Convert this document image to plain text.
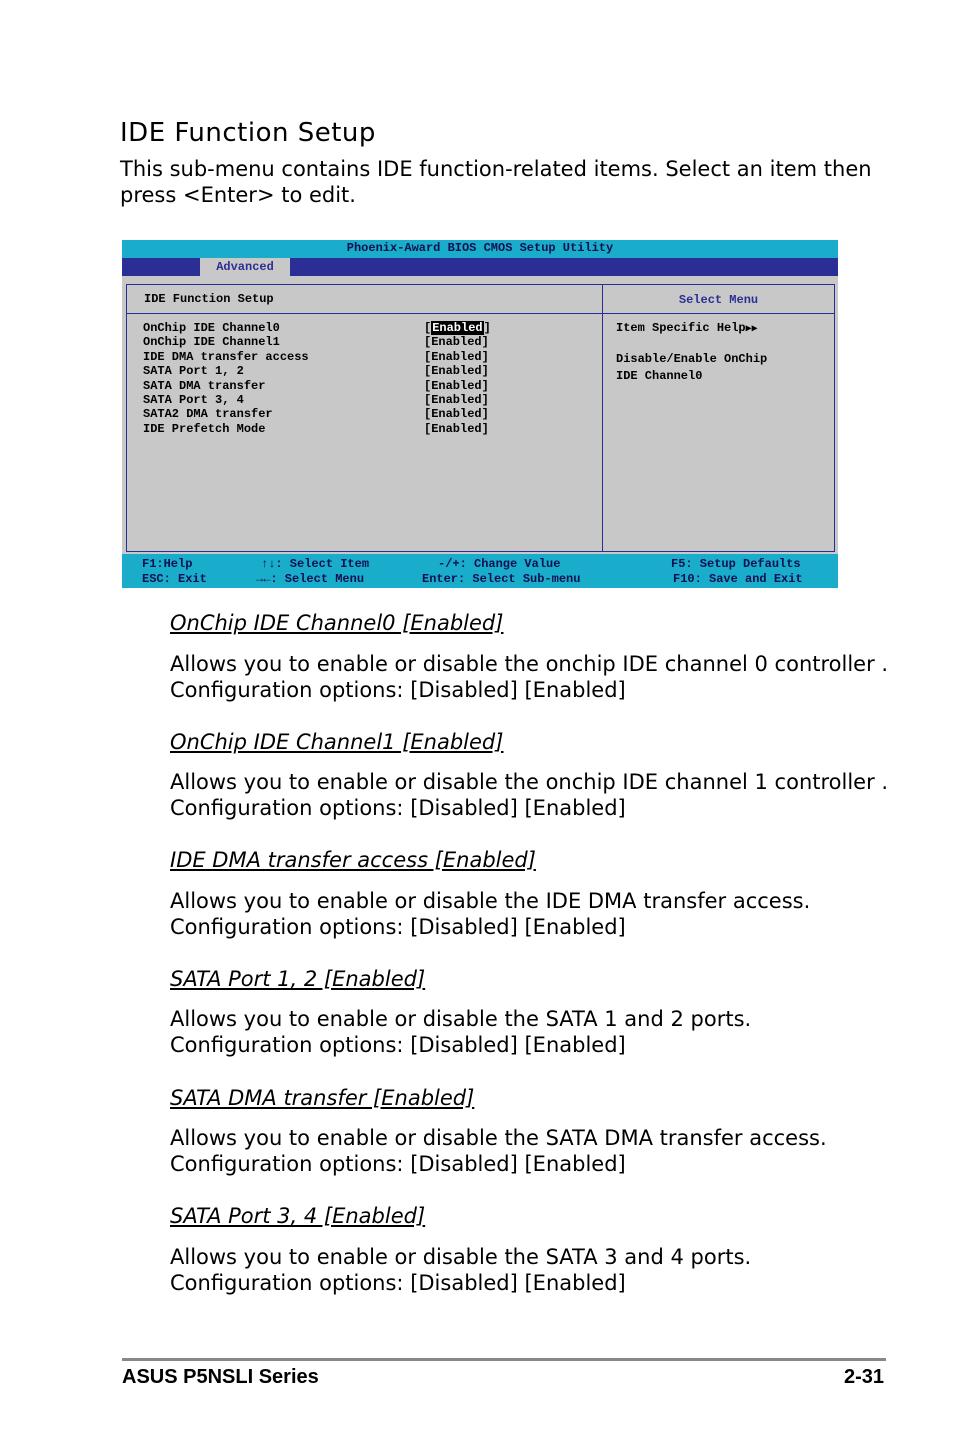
IDE Function Setup
This sub-menu contains IDE function-related items. Select an item then
press <Enter> to edit.
Phoenix-Award BIOS CMOS Setup Utility
Advanced
IDE Function Setup
OnChip IDE Channel0
OnChip IDE Channel1
IDE DMA transfer access
SATA Port 1, 2
SATA DMA transfer
SATA Port 3, 4
SATA2 DMA transfer
IDE Prefetch Mode
[Enabled]
[Enabled]
[Enabled]
[Enabled]
[Enabled]
[Enabled]
[Enabled]
[Enabled]
Select Menu
Item Specific Help▶▶
Disable/Enable OnChip
IDE Channel0
F1:Help
ESC: Exit
↑↓: Select Item
→←: Select Menu
-/+: Change Value
Enter: Select Sub-menu
F5: Setup Defaults
F10: Save and Exit
OnChip IDE Channel0 [Enabled]
Allows you to enable or disable the onchip IDE channel 0 controller .
Configuration options: [Disabled] [Enabled]
OnChip IDE Channel1 [Enabled]
Allows you to enable or disable the onchip IDE channel 1 controller .
Configuration options: [Disabled] [Enabled]
IDE DMA transfer access [Enabled]
Allows you to enable or disable the IDE DMA transfer access.
Configuration options: [Disabled] [Enabled]
SATA Port 1, 2 [Enabled]
Allows you to enable or disable the SATA 1 and 2 ports.
Configuration options: [Disabled] [Enabled]
SATA DMA transfer [Enabled]
Allows you to enable or disable the SATA DMA transfer access.
Configuration options: [Disabled] [Enabled]
SATA Port 3, 4 [Enabled]
Allows you to enable or disable the SATA 3 and 4 ports.
Configuration options: [Disabled] [Enabled]
ASUS P5NSLI Series	2-31
